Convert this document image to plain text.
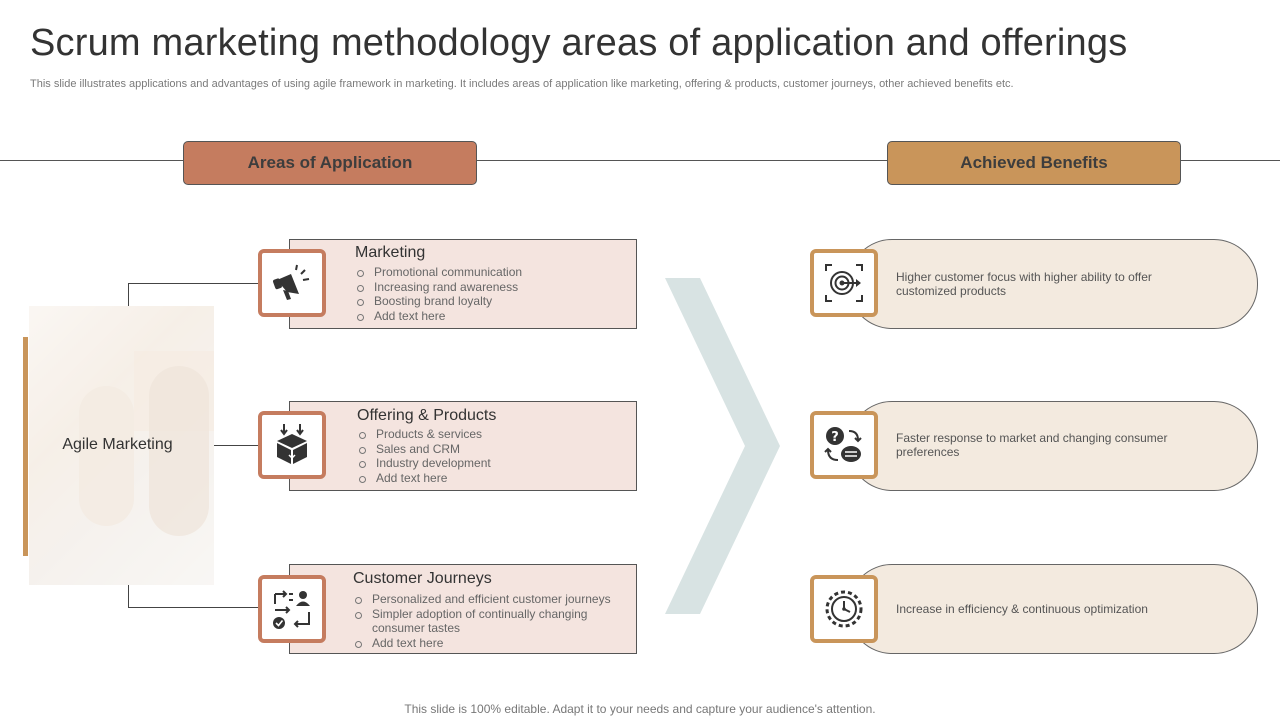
Scrum marketing methodology areas of application and offerings
This slide illustrates applications and advantages of using agile framework in marketing. It includes areas of application like marketing, offering & products, customer journeys, other achieved benefits etc.
Areas of Application	Achieved Benefits
Agile Marketing
Marketing
Promotional communication
Increasing rand awareness
Boosting brand loyalty
Add text here
Offering & Products
Products & services
Sales and CRM
Industry development
Add text here
Customer Journeys
Personalized and efficient customer journeys
Simpler adoption of continually changing consumer tastes
Add text here
Higher customer focus with higher ability to offer customized products
?	Faster response to market and changing consumer preferences
Increase in efficiency & continuous optimization
This slide is 100% editable. Adapt it to your needs and capture your audience's attention.
